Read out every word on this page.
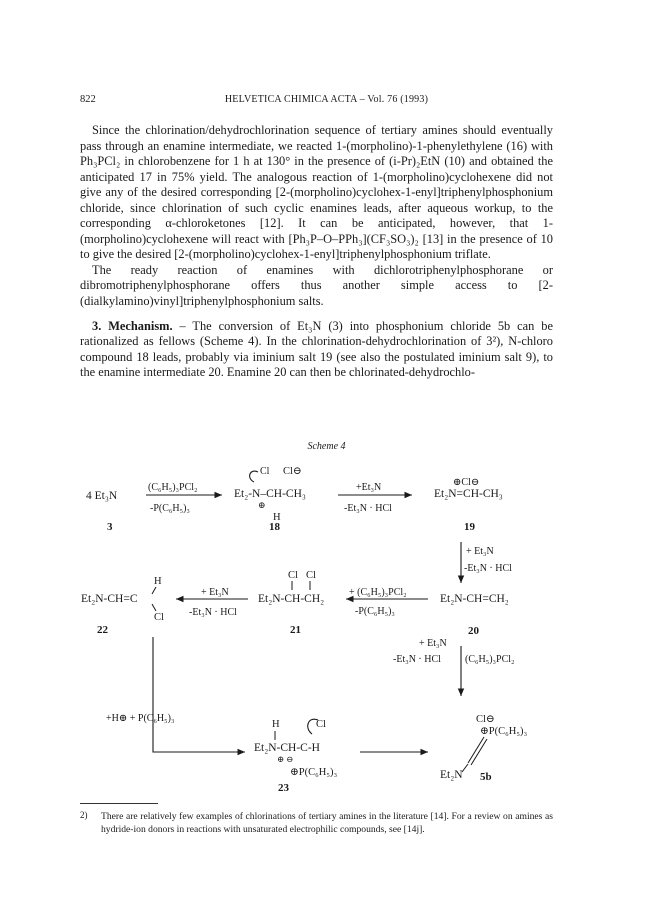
822	HELVETICA CHIMICA ACTA – Vol. 76 (1993)

Since the chlorination/dehydrochlorination sequence of tertiary amines should eventually pass through an enamine intermediate, we reacted 1-(morpholino)-1-phenylethylene (16) with Ph₃PCl₂ in chlorobenzene for 1 h at 130° in the presence of (i-Pr)₂EtN (10) and obtained the anticipated 17 in 75% yield. The analogous reaction of 1-(morpholino)cyclohexene did not give any of the desired corresponding [2-(morpholino)cyclohex-1-enyl]triphenylphosphonium chloride, since chlorination of such cyclic enamines leads, after aqueous workup, to the corresponding α-chloroketones [12]. It can be anticipated, however, that 1-(morpholino)cyclohexene will react with [Ph₃P–O–PPh₃](CF₃SO₃)₂ [13] in the presence of 10 to give the desired [2-(morpholino)cyclohex-1-enyl]triphenylphosphonium triflate.

The ready reaction of enamines with dichlorotriphenylphosphorane or dibromotriphenylphosphorane offers thus another simple access to [2-(dialkylamino)vinyl]triphenylphosphonium salts.

3. Mechanism. – The conversion of Et₃N (3) into phosphonium chloride 5b can be rationalized as fellows (Scheme 4). In the chlorination-dehydrochlorination of 3²), N-chloro compound 18 leads, probably via iminium salt 19 (see also the postulated iminium salt 9), to the enamine intermediate 20. Enamine 20 can then be chlorinated-dehydrochlo-

Scheme 4
4 Et₃N
3
(C₆H₅)₃PCl₂
-P(C₆H₅)₃
Cl Cl⊖
Et₂-N–CH-CH₃
⊕
H
18
+Et₃N
-Et₃N · HCl
⊕Cl⊖
Et₂N=CH-CH₃
19
+ Et₃N
-Et₃N · HCl
Et₂N-CH=CH₂
20
+ (C₆H₅)₃PCl₂
-P(C₆H₅)₃
Cl Cl
Et₂N-CH-CH₂
21
+ Et₃N
-Et₃N · HCl
H
Et₂N-CH=C
Cl
22
+ Et₃N
-Et₃N · HCl (C₆H₅)₃PCl₂
+H⊕ + P(C₆H₅)₃
H	Cl
Et₂N-CH-C-H
⊕ ⊖
⊕P(C₆H₅)₃
23
Cl⊖
⊕P(C₆H₅)₃
Et₂N 5b
2) There are relatively few examples of chlorinations of tertiary amines in the literature [14]. For a review on amines as hydride-ion donors in reactions with unsaturated electrophilic compounds, see [14j].
